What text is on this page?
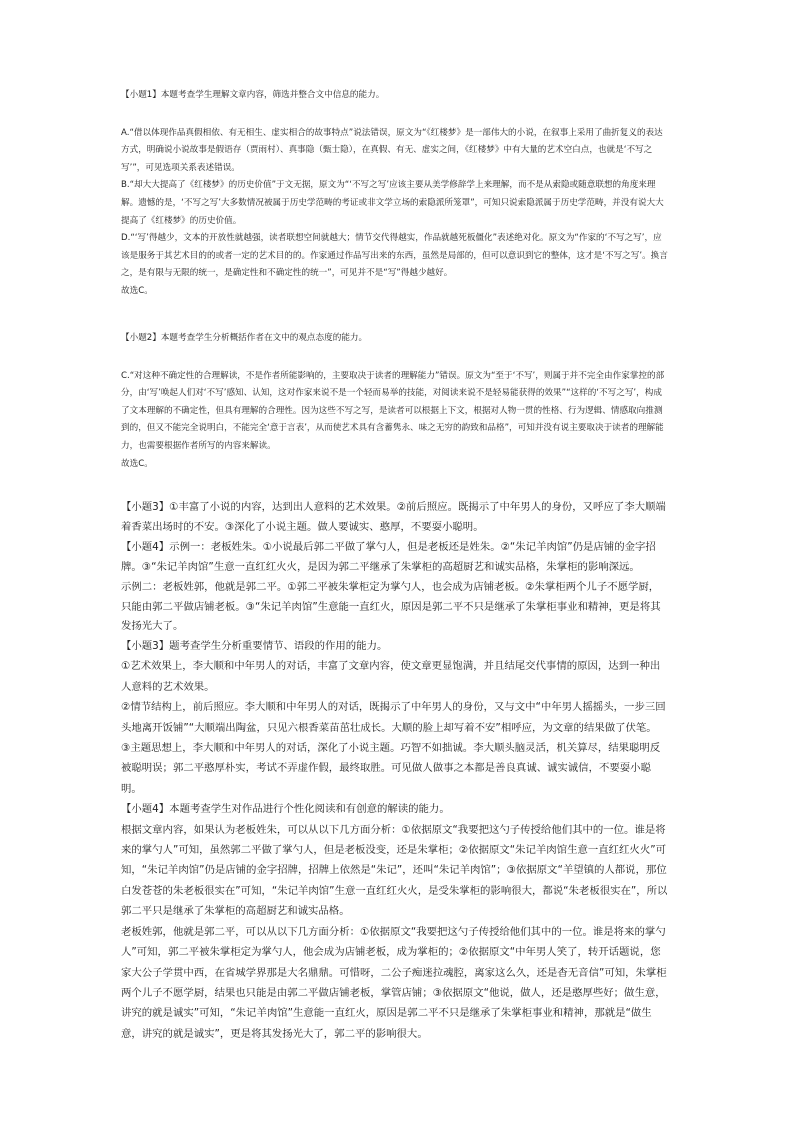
【小题1】本题考查学生理解文章内容，筛选并整合文中信息的能力。

A.“借以体现作品真假相依、有无相生、虚实相合的故事特点”说法错误，原文为“《红楼梦》是一部伟大的小说，在叙事上采用了曲折复义的表达方式，明确说小说故事是假语存（贾雨村）、真事隐（甄士隐），在真假、有无、虚实之间，《红楼梦》中有大量的艺术空白点，也就是‘不写之写’”，可见选项关系表述错误。

B.“却大大提高了《红楼梦》的历史价值”于文无据，原文为“‘不写之写’应该主要从美学修辞学上来理解，而不是从索隐或随意联想的角度来理解。遗憾的是，‘不写之写’大多数情况被属于历史学范畴的考证或非文学立场的索隐派所笼罩”，可知只说索隐派属于历史学范畴，并没有说大大提高了《红楼梦》的历史价值。

D.“‘写’得越少，文本的开放性就越强，读者联想空间就越大；情节交代得越实，作品就越死板僵化”表述绝对化。原文为“作家的‘不写之写’，应该是服务于其艺术目的的或者一定的艺术目的的。作家通过作品写出来的东西，虽然是局部的，但可以意识到它的整体，这才是‘不写之写’。换言之，是有限与无限的统一，是确定性和不确定性的统一”，可见并不是“写”得越少越好。

故选C。

【小题2】本题考查学生分析概括作者在文中的观点态度的能力。

C.“对这种不确定性的合理解读，不是作者所能影响的，主要取决于读者的理解能力”错误。原文为“至于‘不写’，则属于并不完全由作家掌控的部分，由‘写’唤起人们对‘不写’感知、认知，这对作家来说不是一个轻而易举的技能，对阅读来说不是轻易能获得的效果”“这样的‘不写之写’，构成了文本理解的不确定性，但具有理解的合理性。因为这些不写之写，是读者可以根据上下文，根据对人物一贯的性格、行为逻辑、情感取向推测到的，但又不能完全说明白，不能完全‘意于言表’，从而使艺术具有含蓄隽永、味之无穷的韵致和品格”，可知并没有说主要取决于读者的理解能力，也需要根据作者所写的内容来解读。

故选C。

【小题3】①丰富了小说的内容，达到出人意料的艺术效果。②前后照应。既揭示了中年男人的身份，又呼应了李大顺端着香菜出场时的不安。③深化了小说主题。做人要诚实、憨厚，不要耍小聪明。

【小题4】示例一：老板姓朱。①小说最后郭二平做了掌勺人，但是老板还是姓朱。②“朱记羊肉馆”仍是店铺的金字招牌。③“朱记羊肉馆”生意一直红红火火，是因为郭二平继承了朱掌柜的高超厨艺和诚实品格，朱掌柜的影响深远。

示例二：老板姓郭，他就是郭二平。①郭二平被朱掌柜定为掌勺人，也会成为店铺老板。②朱掌柜两个儿子不愿学厨，只能由郭二平做店铺老板。③“朱记羊肉馆”生意能一直红火，原因是郭二平不只是继承了朱掌柜事业和精神，更是将其发扬光大了。

【小题3】题考查学生分析重要情节、语段的作用的能力。

①艺术效果上，李大顺和中年男人的对话，丰富了文章内容，使文章更显饱满，并且结尾交代事情的原因，达到一种出人意料的艺术效果。

②情节结构上，前后照应。李大顺和中年男人的对话，既揭示了中年男人的身份，又与文中“中年男人摇摇头，一步三回头地离开饭铺”“大顺端出陶盆，只见六根香菜苗茁壮成长。大顺的脸上却写着不安”相呼应，为文章的结果做了伏笔。

③主题思想上，李大顺和中年男人的对话，深化了小说主题。巧智不如拙诚。李大顺头脑灵活，机关算尽，结果聪明反被聪明误；郭二平憨厚朴实，考试不弄虚作假，最终取胜。可见做人做事之本都是善良真诚、诚实诚信，不要耍小聪明。

【小题4】本题考查学生对作品进行个性化阅读和有创意的解读的能力。

根据文章内容，如果认为老板姓朱，可以从以下几方面分析：①依据原文“我要把这勺子传授给他们其中的一位。谁是将来的掌勺人”可知，虽然郭二平做了掌勺人，但是老板没变，还是朱掌柜；②依据原文“朱记羊肉馆生意一直红红火火”可知，“朱记羊肉馆”仍是店铺的金字招牌，招牌上依然是“朱记”，还叫“朱记羊肉馆”；③依据原文“羊望镇的人都说，那位白发苍苍的朱老板很实在”可知，“朱记羊肉馆”生意一直红红火火，是受朱掌柜的影响很大，都说“朱老板很实在”，所以郭二平只是继承了朱掌柜的高超厨艺和诚实品格。

老板姓郭，他就是郭二平，可以从以下几方面分析：①依据原文“我要把这勺子传授给他们其中的一位。谁是将来的掌勺人”可知，郭二平被朱掌柜定为掌勺人，他会成为店铺老板，成为掌柜的；②依据原文“中年男人笑了，转开话题说，您家大公子学贯中西，在省城学界那是大名鼎鼎。可惜呀，二公子痴迷拉魂腔，离家这么久，还是杳无音信”可知，朱掌柜两个儿子不愿学厨，结果也只能是由郭二平做店铺老板，掌管店铺；③依据原文“他说，做人，还是憨厚些好；做生意，讲究的就是诚实”可知，“朱记羊肉馆”生意能一直红火，原因是郭二平不只是继承了朱掌柜事业和精神，那就是“做生意，讲究的就是诚实”，更是将其发扬光大了，郭二平的影响很大。
